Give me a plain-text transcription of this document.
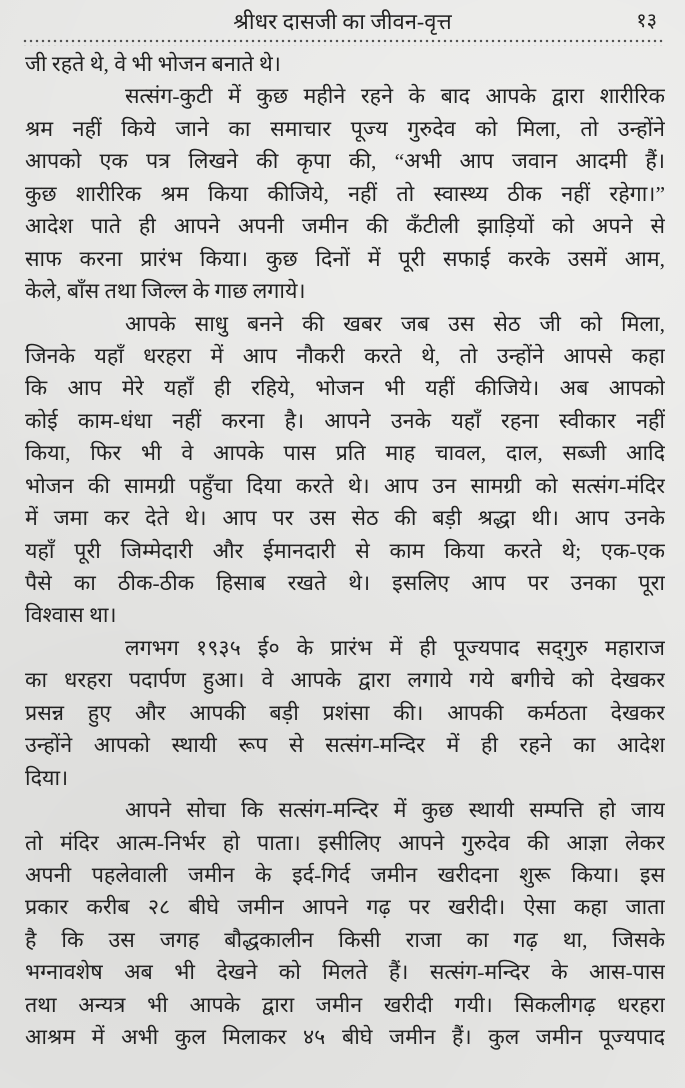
श्रीधर दासजी का जीवन-वृत्त	१३
जी रहते थे, वे भी भोजन बनाते थे।
सत्संग-कुटी में कुछ महीने रहने के बाद आपके द्वारा शारीरिक
श्रम नहीं किये जाने का समाचार पूज्य गुरुदेव को मिला, तो उन्होंने
आपको एक पत्र लिखने की कृपा की, “अभी आप जवान आदमी हैं।
कुछ शारीरिक श्रम किया कीजिये, नहीं तो स्वास्थ्य ठीक नहीं रहेगा।”
आदेश पाते ही आपने अपनी जमीन की कँटीली झाड़ियों को अपने से
साफ करना प्रारंभ किया। कुछ दिनों में पूरी सफाई करके उसमें आम,
केले, बाँस तथा जिल्ल के गाछ लगाये।
आपके साधु बनने की खबर जब उस सेठ जी को मिला,
जिनके यहाँ धरहरा में आप नौकरी करते थे, तो उन्होंने आपसे कहा
कि आप मेरे यहाँ ही रहिये, भोजन भी यहीं कीजिये। अब आपको
कोई काम-धंधा नहीं करना है। आपने उनके यहाँ रहना स्वीकार नहीं
किया, फिर भी वे आपके पास प्रति माह चावल, दाल, सब्जी आदि
भोजन की सामग्री पहुँचा दिया करते थे। आप उन सामग्री को सत्संग-मंदिर
में जमा कर देते थे। आप पर उस सेठ की बड़ी श्रद्धा थी। आप उनके
यहाँ पूरी जिम्मेदारी और ईमानदारी से काम किया करते थे; एक-एक
पैसे का ठीक-ठीक हिसाब रखते थे। इसलिए आप पर उनका पूरा
विश्वास था।
लगभग १९३५ ई० के प्रारंभ में ही पूज्यपाद सद्‌गुरु महाराज
का धरहरा पदार्पण हुआ। वे आपके द्वारा लगाये गये बगीचे को देखकर
प्रसन्न हुए और आपकी बड़ी प्रशंसा की। आपकी कर्मठता देखकर
उन्होंने आपको स्थायी रूप से सत्संग-मन्दिर में ही रहने का आदेश
दिया।
आपने सोचा कि सत्संग-मन्दिर में कुछ स्थायी सम्पत्ति हो जाय
तो मंदिर आत्म-निर्भर हो पाता। इसीलिए आपने गुरुदेव की आज्ञा लेकर
अपनी पहलेवाली जमीन के इर्द-गिर्द जमीन खरीदना शुरू किया। इस
प्रकार करीब २८ बीघे जमीन आपने गढ़ पर खरीदी। ऐसा कहा जाता
है कि उस जगह बौद्धकालीन किसी राजा का गढ़ था, जिसके
भग्नावशेष अब भी देखने को मिलते हैं। सत्संग-मन्दिर के आस-पास
तथा अन्यत्र भी आपके द्वारा जमीन खरीदी गयी। सिकलीगढ़ धरहरा
आश्रम में अभी कुल मिलाकर ४५ बीघे जमीन हैं। कुल जमीन पूज्यपाद
